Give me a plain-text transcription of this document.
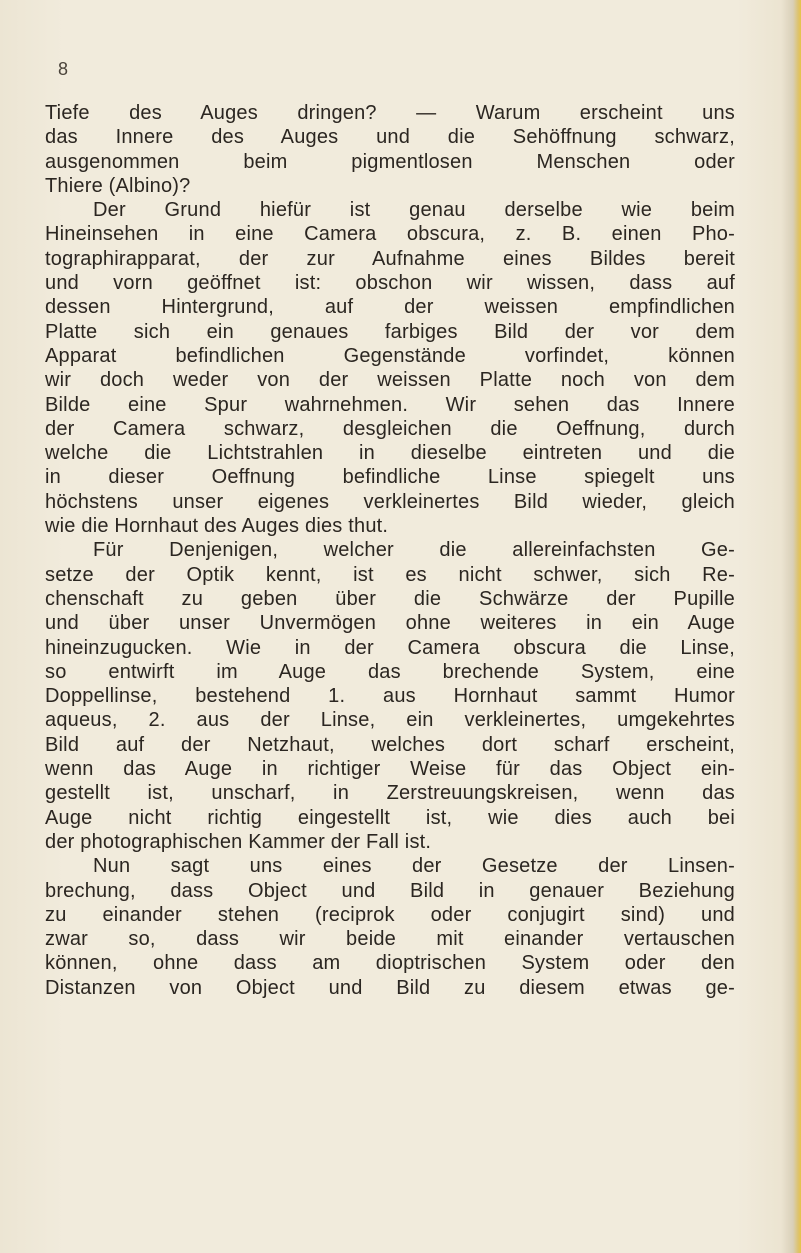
8
Tiefe des Auges dringen? — Warum erscheint uns
das Innere des Auges und die Sehöffnung schwarz,
ausgenommen beim pigmentlosen Menschen oder
Thiere (Albino)?
Der Grund hiefür ist genau derselbe wie beim
Hineinsehen in eine Camera obscura, z. B. einen Pho-
tographirapparat, der zur Aufnahme eines Bildes bereit
und vorn geöffnet ist: obschon wir wissen, dass auf
dessen Hintergrund, auf der weissen empfindlichen
Platte sich ein genaues farbiges Bild der vor dem
Apparat befindlichen Gegenstände vorfindet, können
wir doch weder von der weissen Platte noch von dem
Bilde eine Spur wahrnehmen. Wir sehen das Innere
der Camera schwarz, desgleichen die Oeffnung, durch
welche die Lichtstrahlen in dieselbe eintreten und die
in dieser Oeffnung befindliche Linse spiegelt uns
höchstens unser eigenes verkleinertes Bild wieder, gleich
wie die Hornhaut des Auges dies thut.
Für Denjenigen, welcher die allereinfachsten Ge-
setze der Optik kennt, ist es nicht schwer, sich Re-
chenschaft zu geben über die Schwärze der Pupille
und über unser Unvermögen ohne weiteres in ein Auge
hineinzugucken. Wie in der Camera obscura die Linse,
so entwirft im Auge das brechende System, eine
Doppellinse, bestehend 1. aus Hornhaut sammt Humor
aqueus, 2. aus der Linse, ein verkleinertes, umgekehrtes
Bild auf der Netzhaut, welches dort scharf erscheint,
wenn das Auge in richtiger Weise für das Object ein-
gestellt ist, unscharf, in Zerstreuungskreisen, wenn das
Auge nicht richtig eingestellt ist, wie dies auch bei
der photographischen Kammer der Fall ist.
Nun sagt uns eines der Gesetze der Linsen-
brechung, dass Object und Bild in genauer Beziehung
zu einander stehen (reciprok oder conjugirt sind) und
zwar so, dass wir beide mit einander vertauschen
können, ohne dass am dioptrischen System oder den
Distanzen von Object und Bild zu diesem etwas ge-
